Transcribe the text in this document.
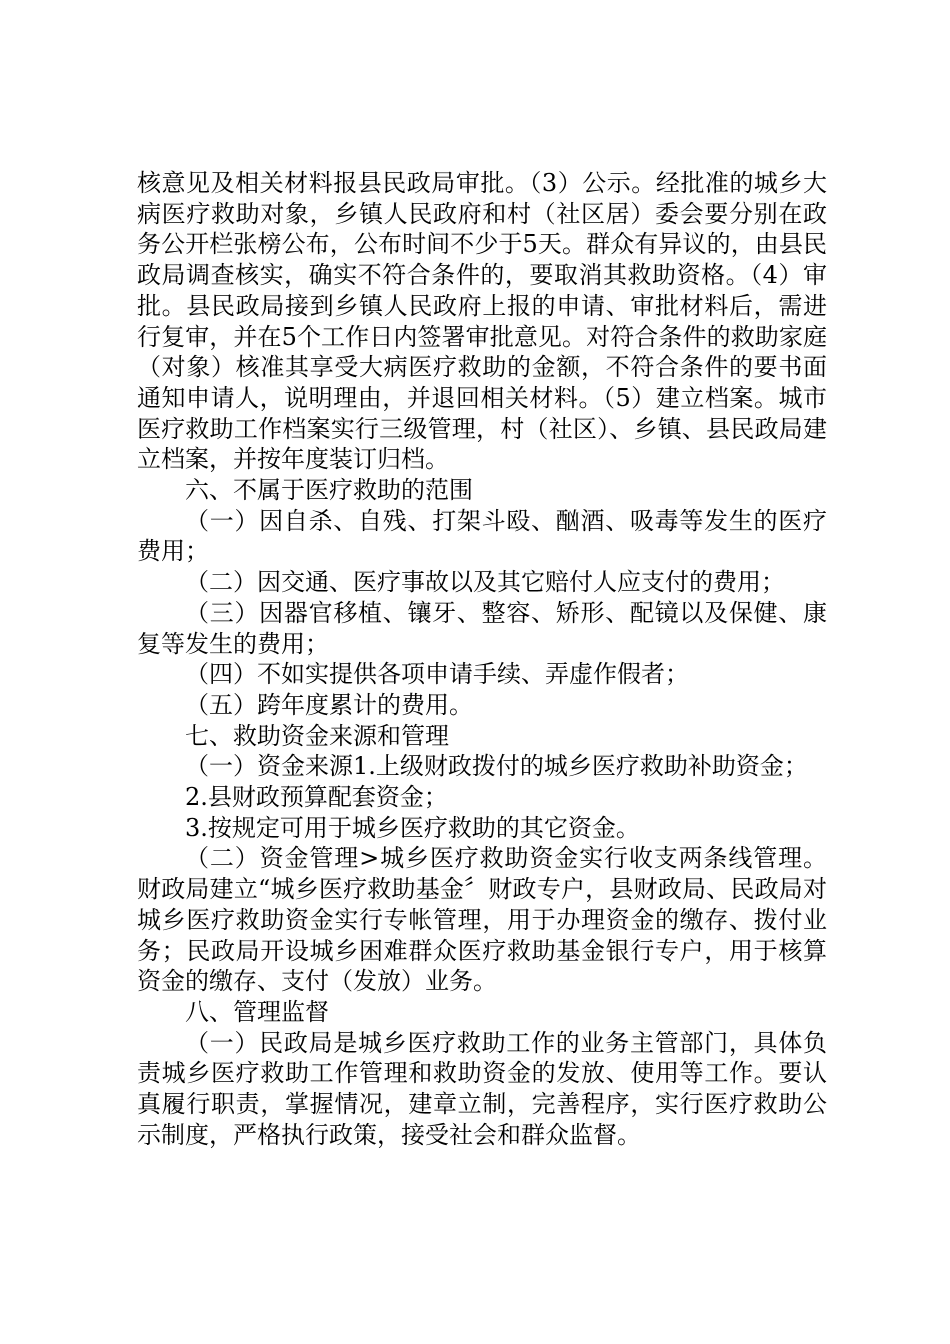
核意见及相关材料报县民政局审批。（3）公示。经批准的城乡大病医疗救助对象，乡镇人民政府和村（社区居）委会要分别在政务公开栏张榜公布，公布时间不少于5天。群众有异议的，由县民政局调查核实，确实不符合条件的，要取消其救助资格。（4）审批。县民政局接到乡镇人民政府上报的申请、审批材料后，需进行复审，并在5个工作日内签署审批意见。对符合条件的救助家庭（对象）核准其享受大病医疗救助的金额，不符合条件的要书面通知申请人，说明理由，并退回相关材料。（5）建立档案。城市医疗救助工作档案实行三级管理，村（社区）、乡镇、县民政局建立档案，并按年度装订归档。

六、不属于医疗救助的范围

（一）因自杀、自残、打架斗殴、酗酒、吸毒等发生的医疗费用；

（二）因交通、医疗事故以及其它赔付人应支付的费用；

（三）因器官移植、镶牙、整容、矫形、配镜以及保健、康复等发生的费用；

（四）不如实提供各项申请手续、弄虚作假者；

（五）跨年度累计的费用。

七、救助资金来源和管理

（一）资金来源1.上级财政拨付的城乡医疗救助补助资金；

2.县财政预算配套资金；

3.按规定可用于城乡医疗救助的其它资金。

（二）资金管理>城乡医疗救助资金实行收支两条线管理。财政局建立“城乡医疗救助基金〞财政专户，县财政局、民政局对城乡医疗救助资金实行专帐管理，用于办理资金的缴存、拨付业务；民政局开设城乡困难群众医疗救助基金银行专户，用于核算资金的缴存、支付（发放）业务。

八、管理监督

（一）民政局是城乡医疗救助工作的业务主管部门，具体负责城乡医疗救助工作管理和救助资金的发放、使用等工作。要认真履行职责，掌握情况，建章立制，完善程序，实行医疗救助公示制度，严格执行政策，接受社会和群众监督。
